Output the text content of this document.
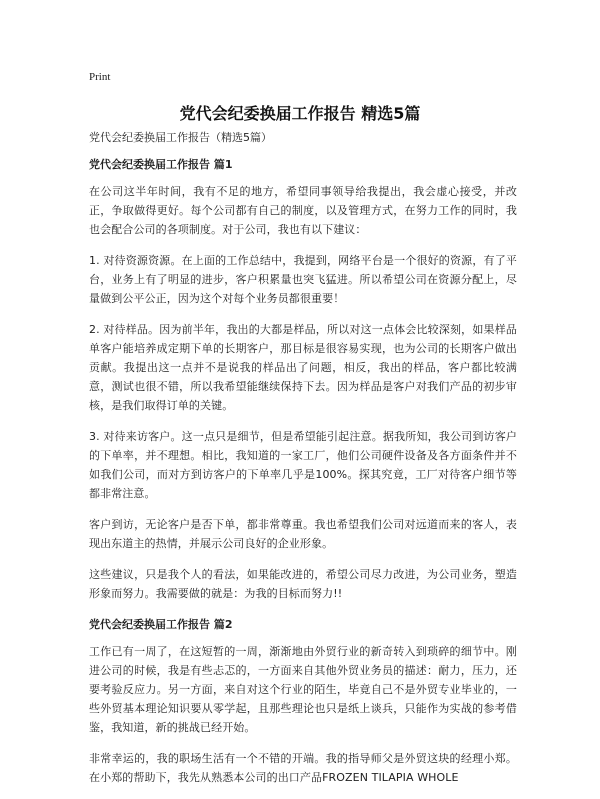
Print
党代会纪委换届工作报告 精选5篇
党代会纪委换届工作报告（精选5篇）
党代会纪委换届工作报告 篇1

在公司这半年时间，我有不足的地方，希望同事领导给我提出，我会虚心接受，并改正，争取做得更好。每个公司都有自己的制度，以及管理方式，在努力工作的同时，我也会配合公司的各项制度。对于公司，我也有以下建议：

1. 对待资源资源。在上面的工作总结中，我提到，网络平台是一个很好的资源，有了平台，业务上有了明显的进步，客户积累量也突飞猛进。所以希望公司在资源分配上，尽量做到公平公正，因为这个对每个业务员都很重要！

2. 对待样品。因为前半年，我出的大都是样品，所以对这一点体会比较深刻，如果样品单客户能培养成定期下单的长期客户，那目标是很容易实现，也为公司的长期客户做出贡献。我提出这一点并不是说我的样品出了问题，相反，我出的样品，客户都比较满意，测试也很不错，所以我希望能继续保持下去。因为样品是客户对我们产品的初步审核，是我们取得订单的关键。

3. 对待来访客户。这一点只是细节，但是希望能引起注意。据我所知，我公司到访客户的下单率，并不理想。相比，我知道的一家工厂，他们公司硬件设备及各方面条件并不如我们公司，而对方到访客户的下单率几乎是100%。探其究竟，工厂对待客户细节等都非常注意。

客户到访，无论客户是否下单，都非常尊重。我也希望我们公司对远道而来的客人，表现出东道主的热情，并展示公司良好的企业形象。

这些建议，只是我个人的看法，如果能改进的，希望公司尽力改进，为公司业务，塑造形象而努力。我需要做的就是：为我的目标而努力!!

党代会纪委换届工作报告 篇2

工作已有一周了，在这短暂的一周，渐渐地由外贸行业的新奇转入到琐碎的细节中。刚进公司的时候，我是有些忐忑的，一方面来自其他外贸业务员的描述：耐力，压力，还要考验反应力。另一方面，来自对这个行业的陌生，毕竟自己不是外贸专业毕业的，一些外贸基本理论知识要从零学起，且那些理论也只是纸上谈兵，只能作为实战的参考借鉴，我知道，新的挑战已经开始。

非常幸运的，我的职场生活有一个不错的开端。我的指导师父是外贸这块的经理小郑。在小郑的帮助下，我先从熟悉本公司的出口产品FROZEN TILAPIA WHOLE
